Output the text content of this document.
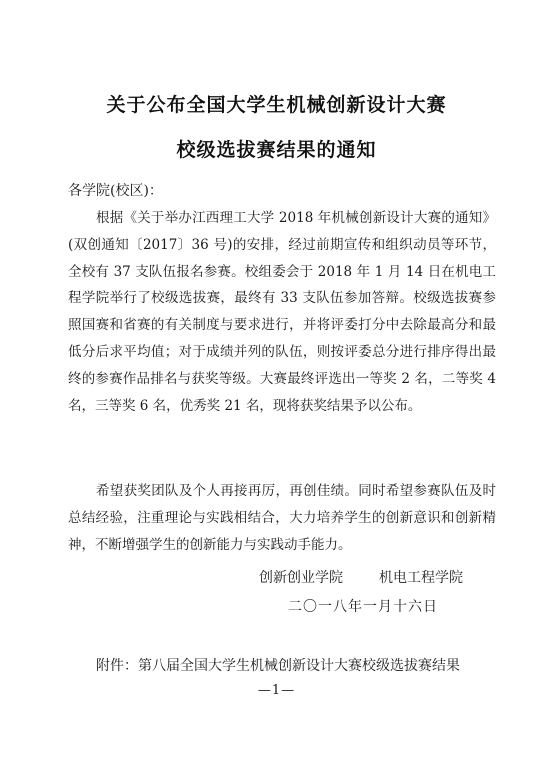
关于公布全国大学生机械创新设计大赛
校级选拔赛结果的通知
各学院(校区)：

根据《关于举办江西理工大学 2018 年机械创新设计大赛的通知》(双创通知〔2017〕36 号)的安排，经过前期宣传和组织动员等环节，全校有 37 支队伍报名参赛。校组委会于 2018 年 1 月 14 日在机电工程学院举行了校级选拔赛，最终有 33 支队伍参加答辩。校级选拔赛参照国赛和省赛的有关制度与要求进行，并将评委打分中去除最高分和最低分后求平均值；对于成绩并列的队伍，则按评委总分进行排序得出最终的参赛作品排名与获奖等级。大赛最终评选出一等奖 2 名，二等奖 4 名，三等奖 6 名，优秀奖 21 名，现将获奖结果予以公布。

希望获奖团队及个人再接再厉，再创佳绩。同时希望参赛队伍及时总结经验，注重理论与实践相结合，大力培养学生的创新意识和创新精神，不断增强学生的创新能力与实践动手能力。

创新创业学院	机电工程学院
二〇一八年一月十六日
附件：第八届全国大学生机械创新设计大赛校级选拔赛结果
—1—
